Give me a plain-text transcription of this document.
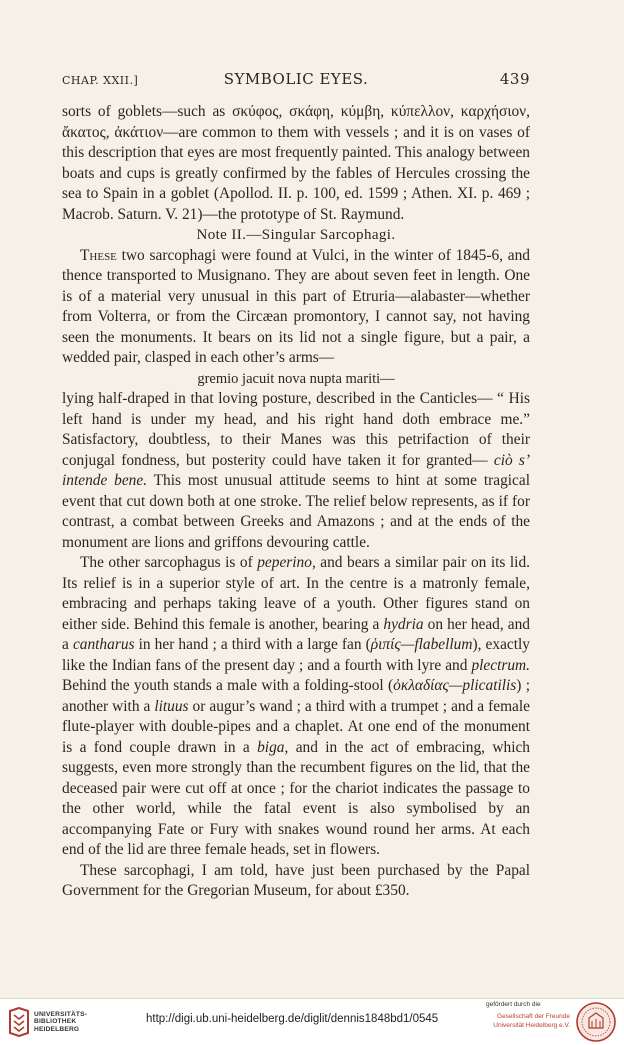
CHAP. XXII.]	SYMBOLIC EYES.	439

sorts of goblets—such as σκύφος, σκάφη, κύμβη, κύπελλον, καρχήσιον, ἄκατος, ἀκάτιον—are common to them with vessels ; and it is on vases of this description that eyes are most frequently painted. This analogy between boats and cups is greatly confirmed by the fables of Hercules crossing the sea to Spain in a goblet (Apollod. II. p. 100, ed. 1599 ; Athen. XI. p. 469 ; Macrob. Saturn. V. 21)—the prototype of St. Raymund.

Note II.—Singular Sarcophagi.

These two sarcophagi were found at Vulci, in the winter of 1845-6, and thence transported to Musignano. They are about seven feet in length. One is of a material very unusual in this part of Etruria—alabaster—whether from Volterra, or from the Circæan promontory, I cannot say, not having seen the monuments. It bears on its lid not a single figure, but a pair, a wedded pair, clasped in each other’s arms—

gremio jacuit nova nupta mariti—

lying half-draped in that loving posture, described in the Canticles— “ His left hand is under my head, and his right hand doth embrace me.” Satisfactory, doubtless, to their Manes was this petrifaction of their conjugal fondness, but posterity could have taken it for granted— ciò s’ intende bene. This most unusual attitude seems to hint at some tragical event that cut down both at one stroke. The relief below represents, as if for contrast, a combat between Greeks and Amazons ; and at the ends of the monument are lions and griffons devouring cattle.

The other sarcophagus is of peperino, and bears a similar pair on its lid. Its relief is in a superior style of art. In the centre is a matronly female, embracing and perhaps taking leave of a youth. Other figures stand on either side. Behind this female is another, bearing a hydria on her head, and a cantharus in her hand ; a third with a large fan (ῥιπίς—flabellum), exactly like the Indian fans of the present day ; and a fourth with lyre and plectrum. Behind the youth stands a male with a folding-stool (ὀκλαδίας—plicatilis) ; another with a lituus or augur’s wand ; a third with a trumpet ; and a female flute-player with double-pipes and a chaplet. At one end of the monument is a fond couple drawn in a biga, and in the act of embracing, which suggests, even more strongly than the recumbent figures on the lid, that the deceased pair were cut off at once ; for the chariot indicates the passage to the other world, while the fatal event is also symbolised by an accompanying Fate or Fury with snakes wound round her arms. At each end of the lid are three female heads, set in flowers.

These sarcophagi, I am told, have just been purchased by the Papal Government for the Gregorian Museum, for about £350.

UNIVERSITÄTS-
BIBLIOTHEK
HEIDELBERG
http://digi.ub.uni-heidelberg.de/diglit/dennis1848bd1/0545
gefördert durch die
Gesellschaft der Freunde
Universität Heidelberg e.V.
